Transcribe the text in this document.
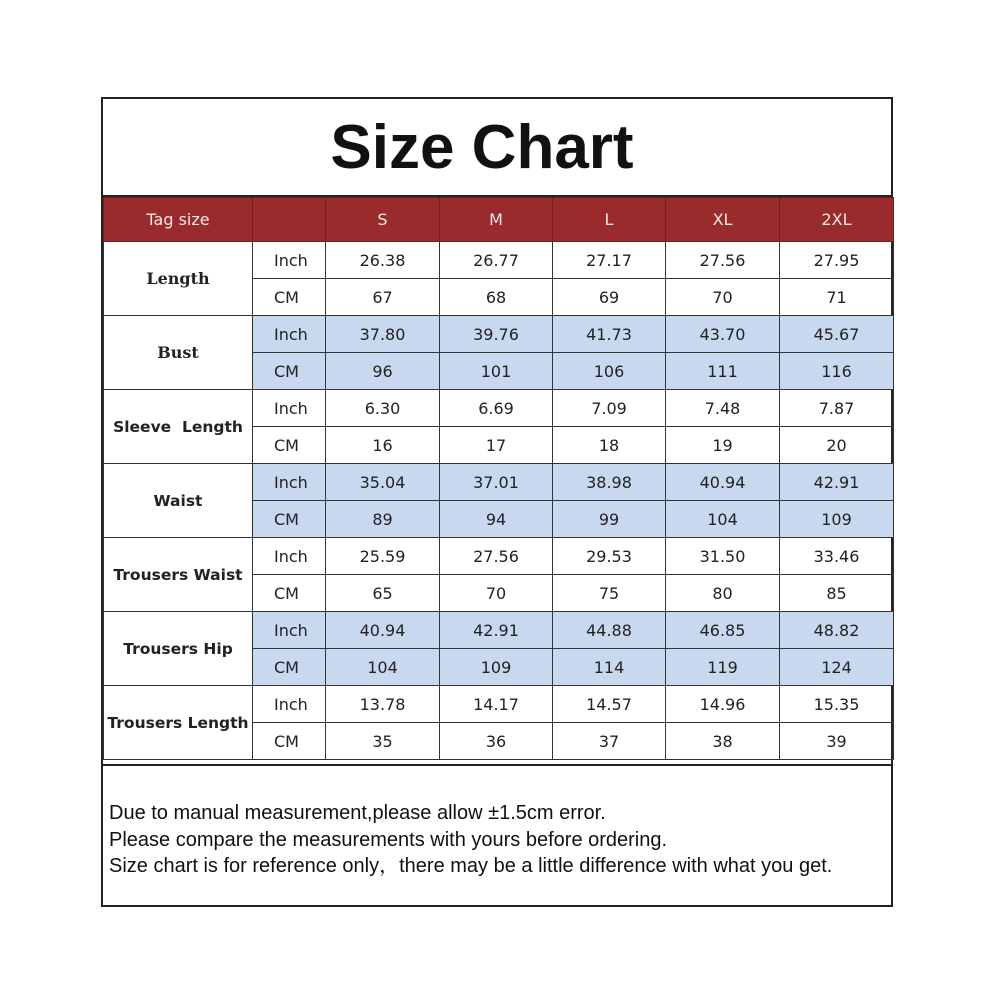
Size Chart
Tag size		S	M	L	XL	2XL
Length	Inch	26.38	26.77	27.17	27.56	27.95
	CM	67	68	69	70	71
Bust	Inch	37.80	39.76	41.73	43.70	45.67
	CM	96	101	106	111	116
Sleeve  Length	Inch	6.30	6.69	7.09	7.48	7.87
	CM	16	17	18	19	20
Waist	Inch	35.04	37.01	38.98	40.94	42.91
	CM	89	94	99	104	109
Trousers Waist	Inch	25.59	27.56	29.53	31.50	33.46
	CM	65	70	75	80	85
Trousers Hip	Inch	40.94	42.91	44.88	46.85	48.82
	CM	104	109	114	119	124
Trousers Length	Inch	13.78	14.17	14.57	14.96	15.35
	CM	35	36	37	38	39
Due to manual measurement,please allow ±1.5cm error.
Please compare the measurements with yours before ordering.
Size chart is for reference only，there may be a little difference with what you get.
